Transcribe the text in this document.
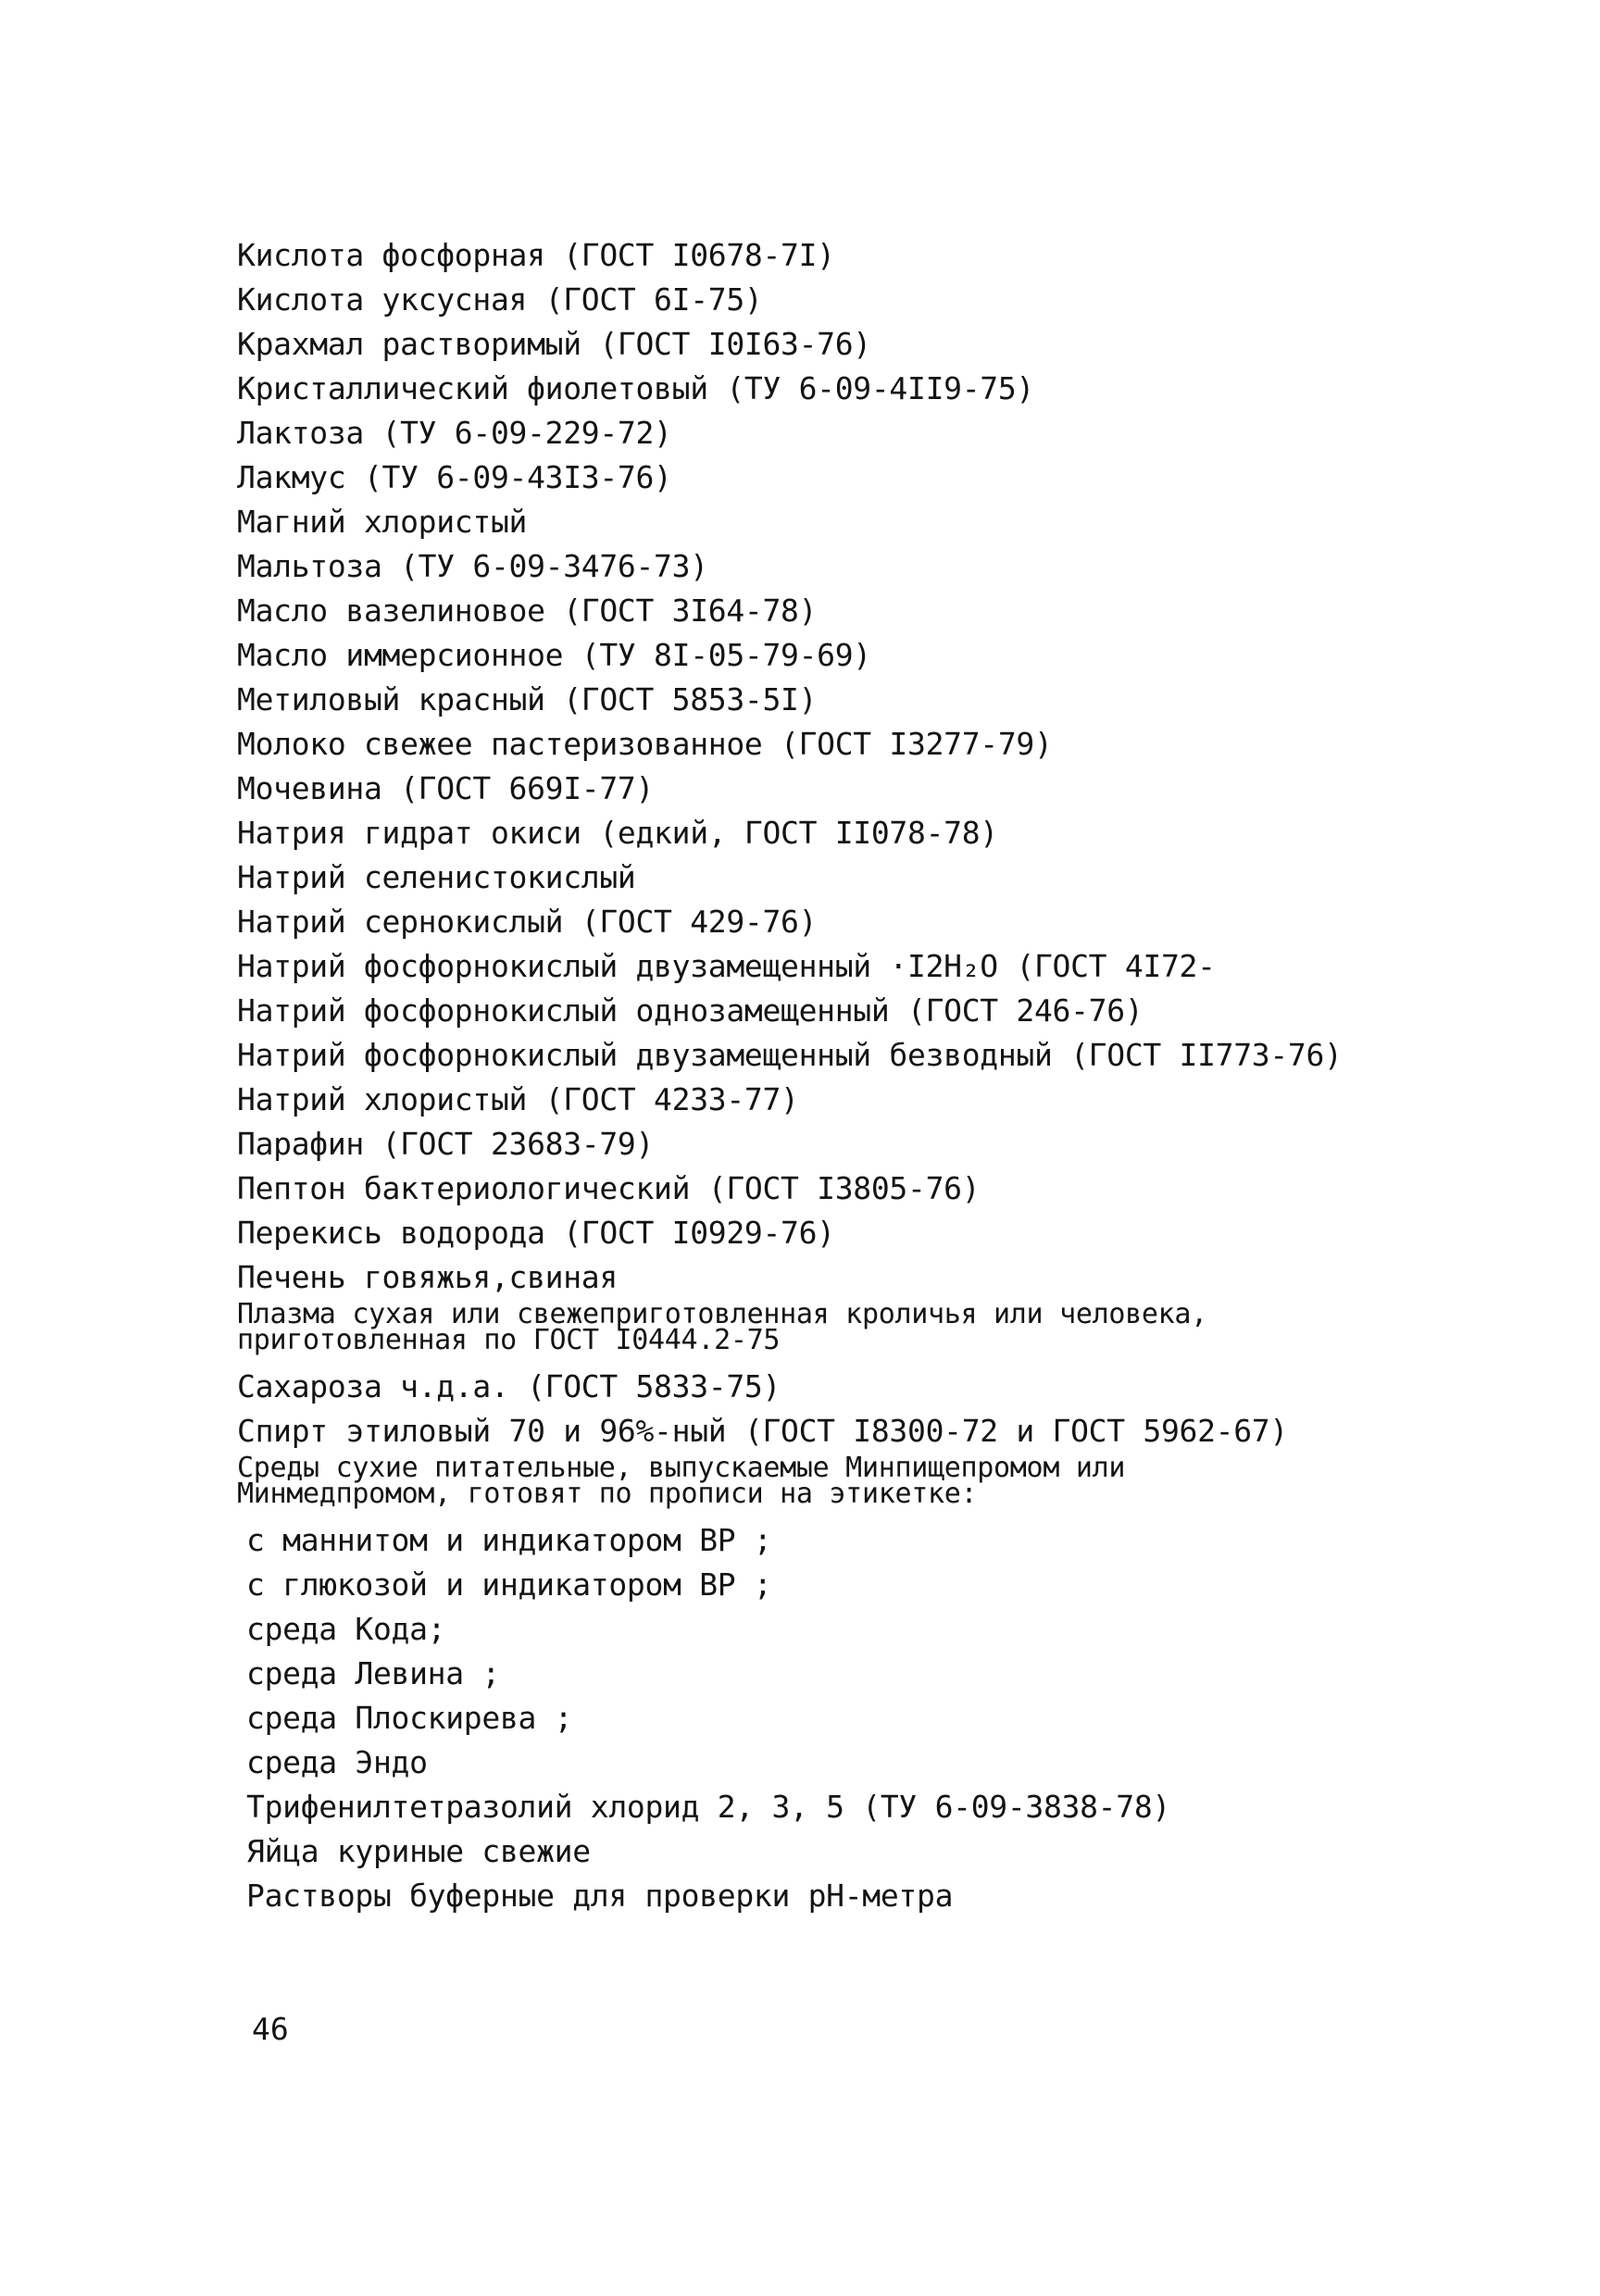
Кислота фосфорная (ГОСТ I0678-7I)
Кислота уксусная (ГОСТ 6I-75)
Крахмал растворимый (ГОСТ I0I63-76)
Кристаллический фиолетовый (ТУ 6-09-4II9-75)
Лактоза (ТУ 6-09-229-72)
Лакмус (ТУ 6-09-43I3-76)
Магний хлористый
Мальтоза (ТУ 6-09-3476-73)
Масло вазелиновое (ГОСТ 3I64-78)
Масло иммерсионное (ТУ 8I-05-79-69)
Метиловый красный (ГОСТ 5853-5I)
Молоко свежее пастеризованное (ГОСТ I3277-79)
Мочевина (ГОСТ 669I-77)
Натрия гидрат окиси (едкий, ГОСТ II078-78)
Натрий селенистокислый
Натрий сернокислый (ГОСТ 429-76)
Натрий фосфорнокислый двузамещенный ·I2H₂O (ГОСТ 4I72-
Натрий фосфорнокислый однозамещенный (ГОСТ 246-76)
Натрий фосфорнокислый двузамещенный безводный (ГОСТ II773-76)
Натрий хлористый (ГОСТ 4233-77)
Парафин (ГОСТ 23683-79)
Пептон бактериологический (ГОСТ I3805-76)
Перекись водорода (ГОСТ I0929-76)
Печень говяжья,свиная
Плазма сухая или свежеприготовленная кроличья или человека,
приготовленная по ГОСТ I0444.2-75
Сахароза ч.д.а. (ГОСТ 5833-75)
Спирт этиловый 70 и 96%-ный (ГОСТ I8300-72 и ГОСТ 5962-67)
Среды сухие питательные, выпускаемые Минпищепромом или
Минмедпромом, готовят по прописи на этикетке:
с маннитом и индикатором ВР ;
с глюкозой и индикатором ВР ;
среда Кода;
среда Левина ;
среда Плоскирева ;
среда Эндо
Трифенилтетразолий хлорид 2, 3, 5 (ТУ 6-09-3838-78)
Яйца куриные свежие
Растворы буферные для проверки рН-метра
46
